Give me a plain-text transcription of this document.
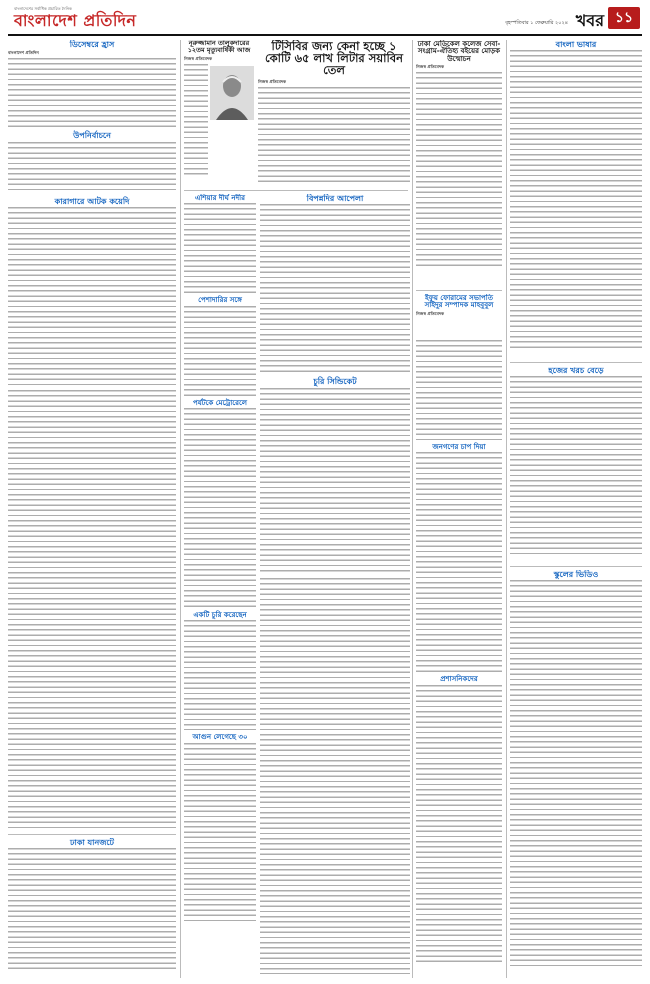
বাংলাদেশের সর্বাধিক প্রচারিত দৈনিক
বাংলাদেশ প্রতিদিন	বৃহস্পতিবার ১ ফেব্রুয়ারি ২০২৪ খবর ১১
ডিসেম্বরে হ্রাস
বাংলাদেশ প্রতিদিন
উপনির্বাচনে
কারাগারে আটক কয়েদি
ঢাকা যানজটে
নূরুজ্জামান তালুকদারের ১২তম মৃত্যুবার্ষিকী আজ
নিজস্ব প্রতিবেদক
টিসিবির জন্য কেনা হচ্ছে ১ কোটি ৬৫ লাখ লিটার সয়াবিন তেল
নিজস্ব প্রতিবেদক
এশিয়ার দীর্ঘ নদীর
পেশাদারির সঙ্গে
পর্যটকে মেট্রোরেলে
একটি চুরি করেছেন
আগুন লেগেছে ৩০
বিপন্নদির আপেলা
চুরি সিন্ডিকেট
ঢাকা মেডিকেল কলেজ সেবা-সংগ্রাম-ঐতিহ্য বইয়ের মোড়ক উন্মোচন
নিজস্ব প্রতিবেদক
ইফুয় ফোরামের সভাপতি সাইদুর সম্পাদক মাহবুবুল
নিজস্ব প্রতিবেদক
জনগণের চাপ দিয়া
প্রশাসনিকদের
বাংলা ভাষার
হজের খরচ বেড়ে
স্কুলের ভিডিও
